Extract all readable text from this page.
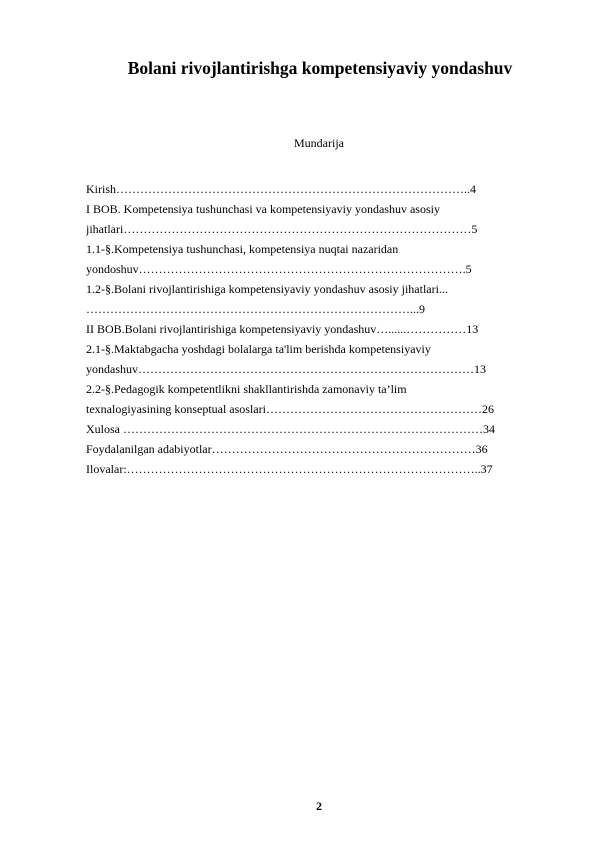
Bolani rivojlantirishga kompetensiyaviy yondashuv
Mundarija
Kirish……………………………………………………………………………..4
I BOB. Kompetensiya tushunchasi va kompetensiyaviy yondashuv asosiy
jihatlari……………………………………………………………………………5
1.1-§.Kompetensiya tushunchasi, kompetensiya nuqtai nazaridan
yondoshuv……………………………………………………………………….5
1.2-§.Bolani rivojlantirishiga kompetensiyaviy yondashuv asosiy jihatlari...
………………………………………………………………………...9
II BOB.Bolani rivojlantirishiga kompetensiyaviy yondashuv…......……………13
2.1-§.Maktabgacha yoshdagi bolalarga ta'lim berishda kompetensiyaviy
yondashuv…………………………………………………………………………13
2.2-§.Pedagogik kompetentlikni shakllantirishda zamonaviy ta’lim
texnalogiyasining konseptual asoslari………………………………………………26
Xulosa ………………………………………………………………………………34
Foydalanilgan adabiyotlar…………………………………………………………36
Ilovalar:……………………………………………………………………………..37
2
